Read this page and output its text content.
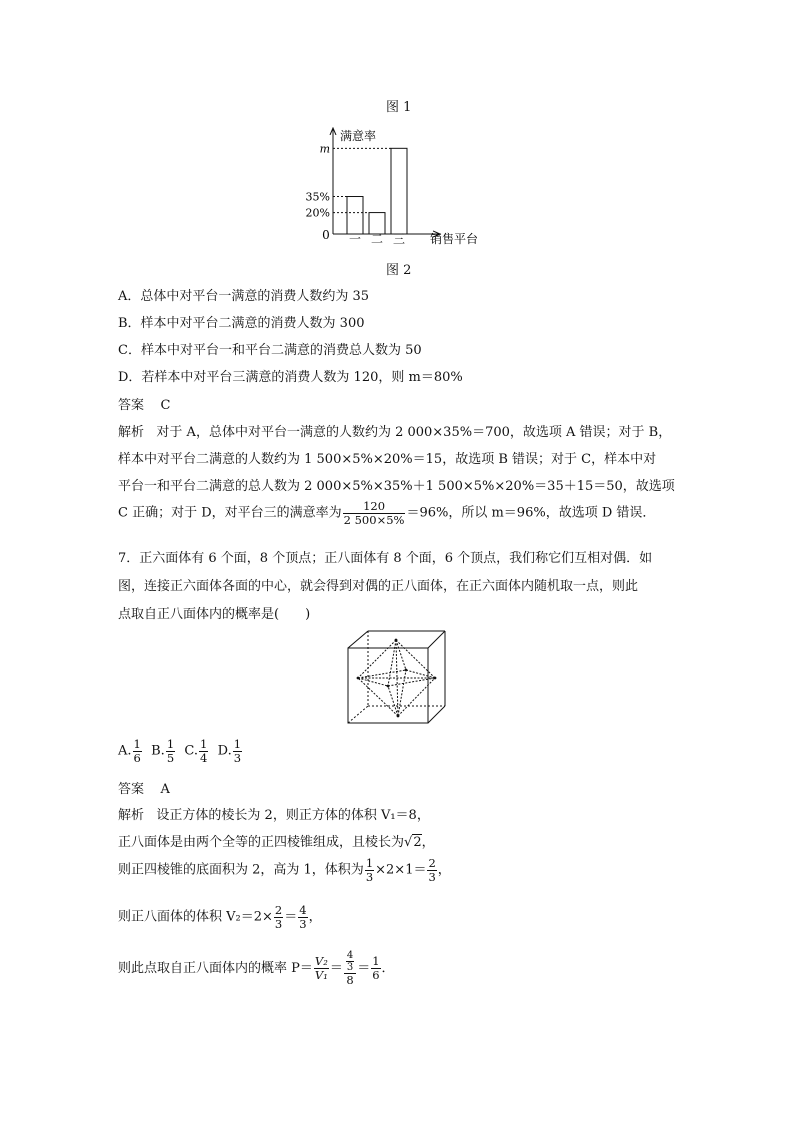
图 1
满意率
销售平台
0
35%
20%
m
一 二 三
图 2
A．总体中对平台一满意的消费人数约为 35
B．样本中对平台二满意的消费人数为 300
C．样本中对平台一和平台二满意的消费总人数为 50
D．若样本中对平台三满意的消费人数为 120，则 m＝80%
答案 C
解析 对于 A，总体中对平台一满意的人数约为 2 000×35%＝700，故选项 A 错误；对于 B，
样本中对平台二满意的人数约为 1 500×5%×20%＝15，故选项 B 错误；对于 C，样本中对
平台一和平台二满意的总人数为 2 000×5%×35%＋1 500×5%×20%＝35＋15＝50，故选项
C 正确；对于 D，对平台三的满意率为 $\frac{120}{2 500\times 5\%} =96\%$，所以 m＝96%，故选项 D 错误．
7．正六面体有 6 个面，8 个顶点；正八面体有 8 个面，6 个顶点，我们称它们互相对偶．如
图，连接正六面体各面的中心，就会得到对偶的正八面体，在正六面体内随机取一点，则此
点取自正八面体内的概率是(　　)
A. $\frac{1}{6} B$. $\frac{1}{5} C$. $\frac{1}{4} D$. $\frac{1}{3}$
答案 A
解析 设正方体的棱长为 2，则正方体的体积 V₁＝8，
正八面体是由两个全等的正四棱锥组成，且棱长为√2，
则正四棱锥的底面积为 2，高为 1，体积为 $\frac{1}{3} \times 2\times 1= \frac{2}{3}$ ，
则正八面体的体积 $V_2=2\times \frac{2}{3} = \frac{4}{3}$ ，
则此点取自正八面体内的概率 $P= \frac{\text{V₂}}{\text{V₁}} = \frac{\frac{4}{3}}{8} = \frac{1}{6}$ ．
